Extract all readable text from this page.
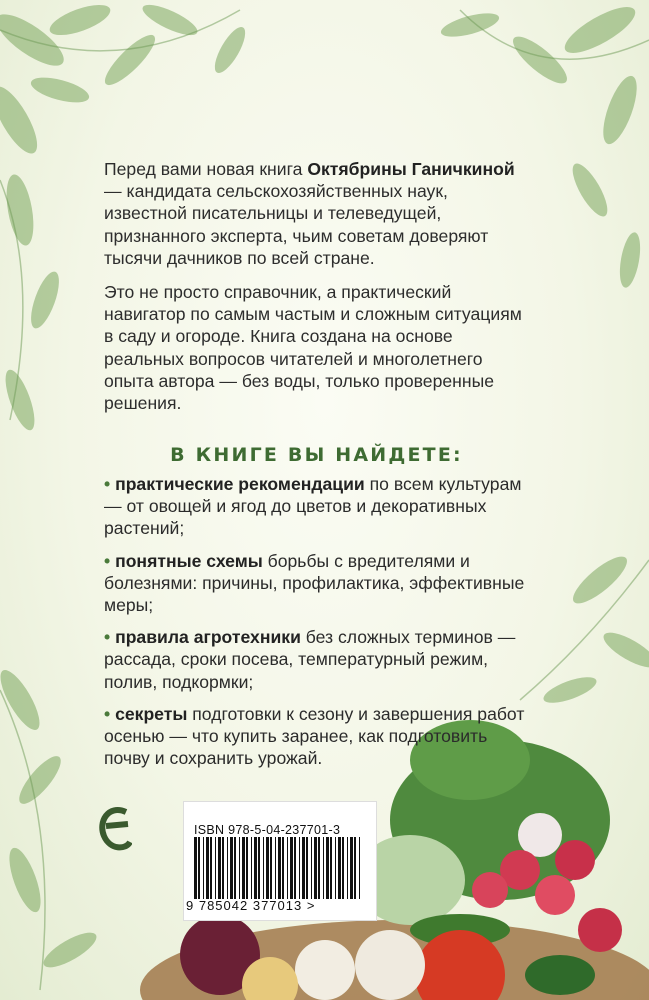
Перед вами новая книга Октябрины Ганичкиной — кандидата сельскохозяйственных наук, известной писательницы и телеведущей, признанного эксперта, чьим советам доверяют тысячи дачников по всей стране.

Это не просто справочник, а практический навигатор по самым частым и сложным ситуациям в саду и огороде. Книга создана на основе реальных вопросов читателей и многолетнего опыта автора — без воды, только проверенные решения.

В КНИГЕ ВЫ НАЙДЕТЕ:
• практические рекомендации по всем культурам — от овощей и ягод до цветов и декоративных растений;
• понятные схемы борьбы с вредителями и болезнями: причины, профилактика, эффективные меры;
• правила агротехники без сложных терминов — рассада, сроки посева, температурный режим, полив, подкормки;
• секреты подготовки к сезону и завершения работ осенью — что купить заранее, как подготовить почву и сохранить урожай.
ISBN 978-5-04-237701-3
9 785042 377013 >
